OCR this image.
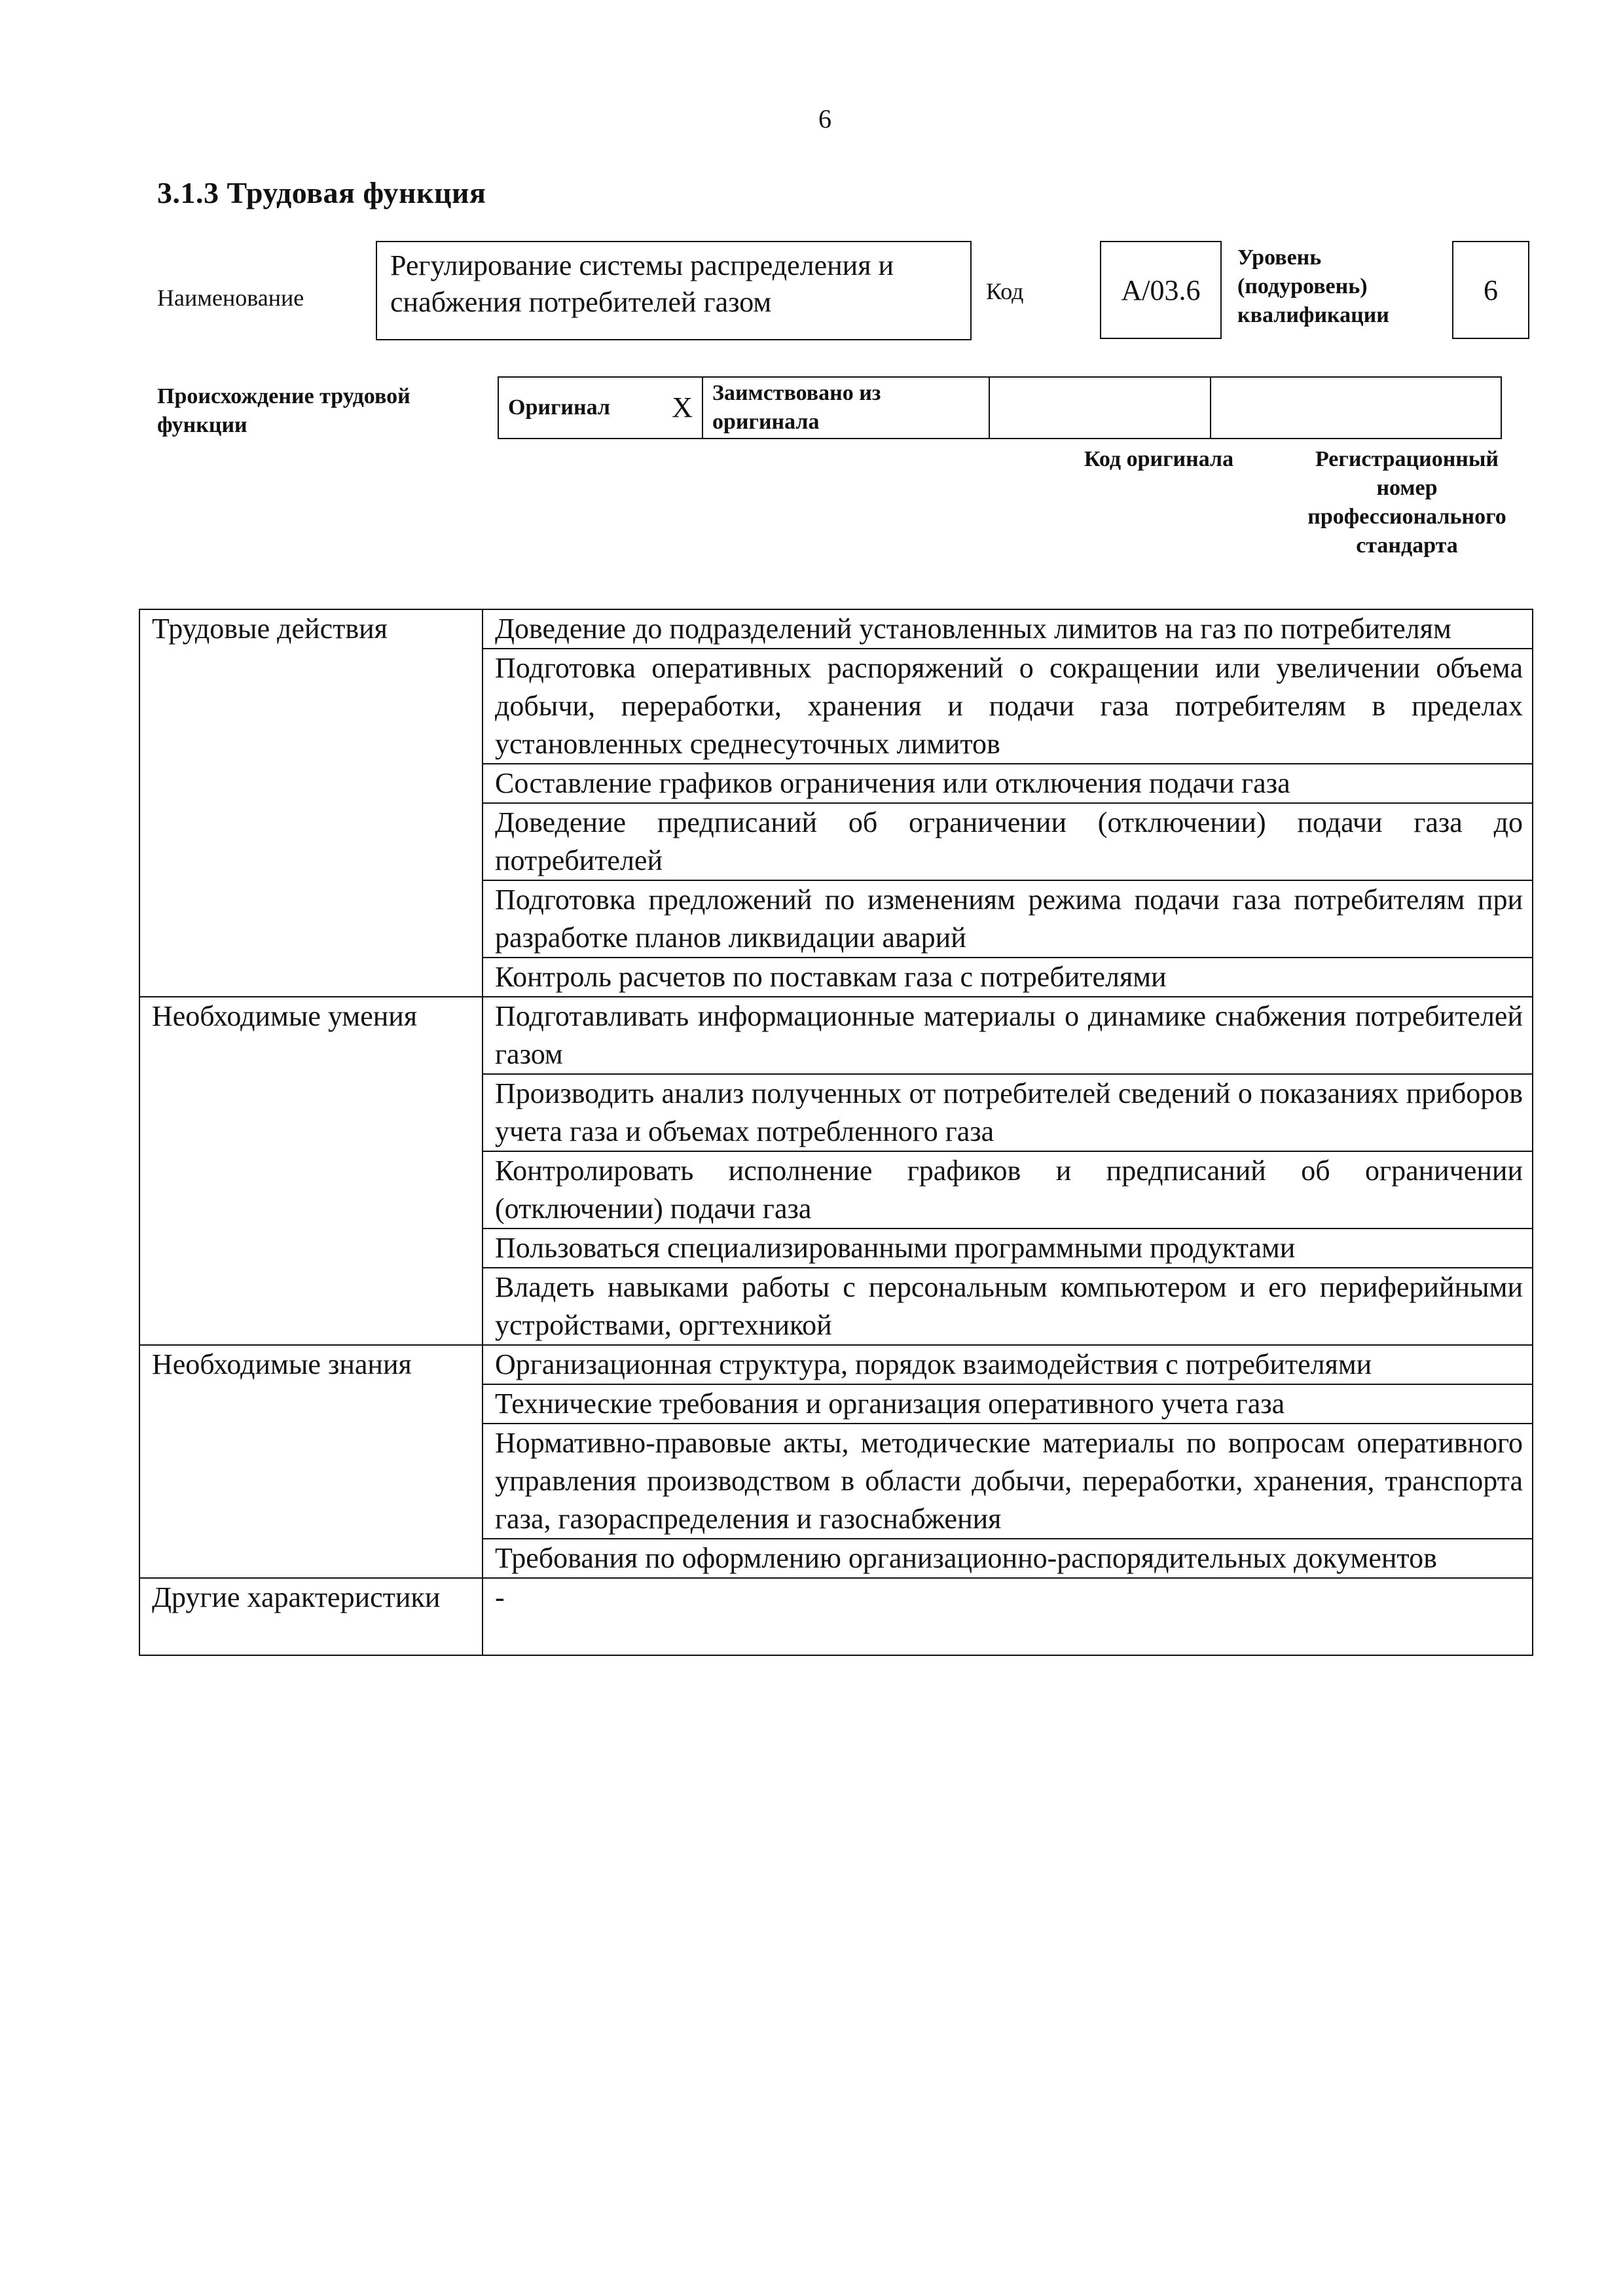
6
3.1.3 Трудовая функция
Наименование
Регулирование системы распределения и снабжения потребителей газом	Код	A/03.6
Уровень
(подуровень)
квалификации
6
Происхождение трудовой
функции
Оригинал X	Заимствовано из
оригинала

Код оригинала	Регистрационный
номер
профессионального
стандарта
Трудовые действия	Доведение до подразделений установленных лимитов на газ по потребителям
	Подготовка оперативных распоряжений о сокращении или увеличении объема добычи, переработки, хранения и подачи газа потребителям в пределах установленных среднесуточных лимитов
	Составление графиков ограничения или отключения подачи газа
	Доведение предписаний об ограничении (отключении) подачи газа до потребителей
	Подготовка предложений по изменениям режима подачи газа потребителям при разработке планов ликвидации аварий
	Контроль расчетов по поставкам газа с потребителями
Необходимые умения	Подготавливать информационные материалы о динамике снабжения потребителей газом
	Производить анализ полученных от потребителей сведений о показаниях приборов учета газа и объемах потребленного газа
	Контролировать исполнение графиков и предписаний об ограничении (отключении) подачи газа
	Пользоваться специализированными программными продуктами
	Владеть навыками работы с персональным компьютером и его периферийными устройствами, оргтехникой
Необходимые знания	Организационная структура, порядок взаимодействия с потребителями
	Технические требования и организация оперативного учета газа
	Нормативно-правовые акты, методические материалы по вопросам оперативного управления производством в области добычи, переработки, хранения, транспорта газа, газораспределения и газоснабжения
	Требования по оформлению организационно-распорядительных документов
Другие характеристики	-
